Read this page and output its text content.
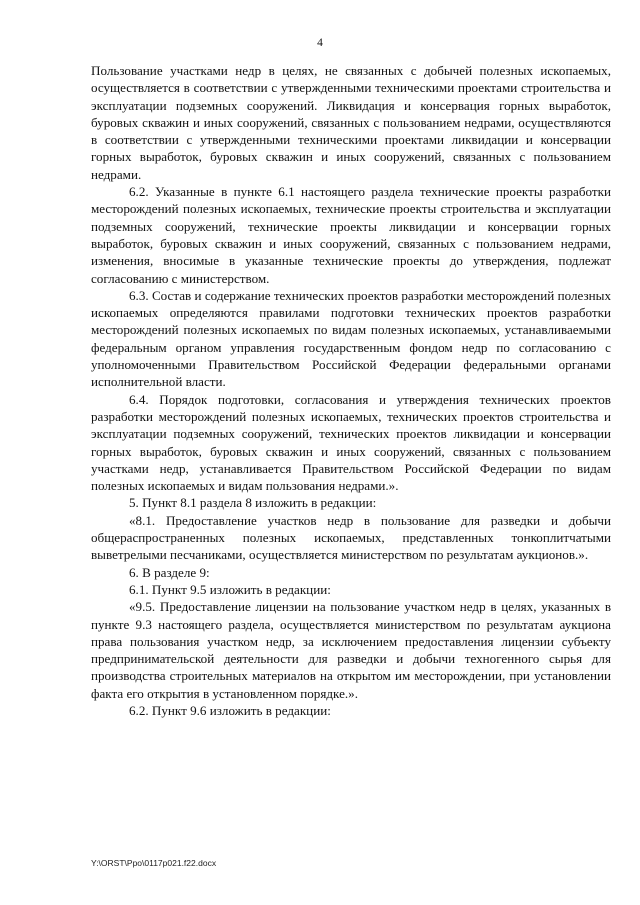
4

Пользование участками недр в целях, не связанных с добычей полезных ископаемых, осуществляется в соответствии с утвержденными техническими проектами строительства и эксплуатации подземных сооружений. Ликвидация и консервация горных выработок, буровых скважин и иных сооружений, связанных с пользованием недрами, осуществляются в соответствии с утвержденными техническими проектами ликвидации и консервации горных выработок, буровых скважин и иных сооружений, связанных с пользованием недрами.

6.2. Указанные в пункте 6.1 настоящего раздела технические проекты разработки месторождений полезных ископаемых, технические проекты строительства и эксплуатации подземных сооружений, технические проекты ликвидации и консервации горных выработок, буровых скважин и иных сооружений, связанных с пользованием недрами, изменения, вносимые в указанные технические проекты до утверждения, подлежат согласованию с министерством.

6.3. Состав и содержание технических проектов разработки месторождений полезных ископаемых определяются правилами подготовки технических проектов разработки месторождений полезных ископаемых по видам полезных ископаемых, устанавливаемыми федеральным органом управления государственным фондом недр по согласованию с уполномоченными Правительством Российской Федерации федеральными органами исполнительной власти.

6.4. Порядок подготовки, согласования и утверждения технических проектов разработки месторождений полезных ископаемых, технических проектов строительства и эксплуатации подземных сооружений, технических проектов ликвидации и консервации горных выработок, буровых скважин и иных сооружений, связанных с пользованием участками недр, устанавливается Правительством Российской Федерации по видам полезных ископаемых и видам пользования недрами.».

5. Пункт 8.1 раздела 8 изложить в редакции:

«8.1. Предоставление участков недр в пользование для разведки и добычи общераспространенных полезных ископаемых, представленных тонкоплитчатыми выветрелыми песчаниками, осуществляется министерством по результатам аукционов.».

6. В разделе 9:

6.1. Пункт 9.5 изложить в редакции:

«9.5. Предоставление лицензии на пользование участком недр в целях, указанных в пункте 9.3 настоящего раздела, осуществляется министерством по результатам аукциона права пользования участком недр, за исключением предоставления лицензии субъекту предпринимательской деятельности для разведки и добычи техногенного сырья для производства строительных материалов на открытом им месторождении, при установлении факта его открытия в установленном порядке.».

6.2. Пункт 9.6 изложить в редакции:

Y:\ORST\Ppo\0117p021.f22.docx
